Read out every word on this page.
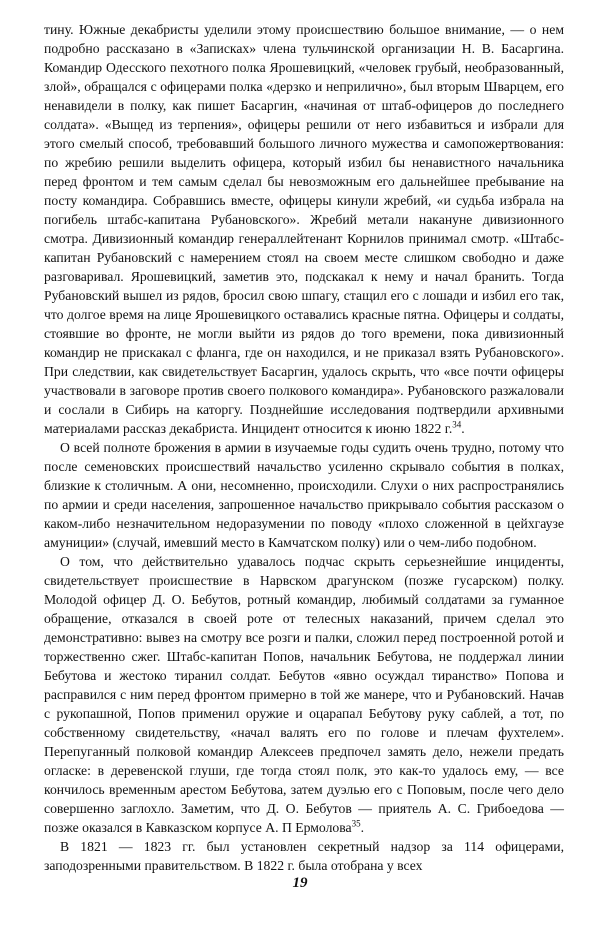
тину. Южные декабристы уделили этому происшествию большое внимание, — о нем подробно рассказано в «Записках» члена тульчинской организации Н. В. Басаргина. Командир Одесского пехотного полка Ярошевицкий, «человек грубый, необразованный, злой», обращался с офицерами полка «дерзко и неприлично», был вторым Шварцем, его ненавидели в полку, как пишет Басаргин, «начиная от штаб-офицеров до последнего солдата». «Выщед из терпения», офицеры решили от него избавиться и избрали для этого смелый способ, требовавший большого личного мужества и самопожертвования: по жребию решили выделить офицера, который избил бы ненавистного начальника перед фронтом и тем самым сделал бы невозможным его дальнейшее пребывание на посту командира. Собравшись вместе, офицеры кинули жребий, «и судьба избрала на погибель штабс-капитана Рубановского». Жребий метали накануне дивизионного смотра. Дивизионный командир генераллейтенант Корнилов принимал смотр. «Штабс-капитан Рубановский с намерением стоял на своем месте слишком свободно и даже разговаривал. Ярошевицкий, заметив это, подскакал к нему и начал бранить. Тогда Рубановский вышел из рядов, бросил свою шпагу, стащил его с лошади и избил его так, что долгое время на лице Ярошевицкого оставались красные пятна. Офицеры и солдаты, стоявшие во фронте, не могли выйти из рядов до того времени, пока дивизионный командир не прискакал с фланга, где он находился, и не приказал взять Рубановского». При следствии, как свидетельствует Басаргин, удалось скрыть, что «все почти офицеры участвовали в заговоре против своего полкового командира». Рубановского разжаловали и сослали в Сибирь на каторгу. Позднейшие исследования подтвердили архивными материалами рассказ декабриста. Инцидент относится к июню 1822 г.$^{34}$.

О всей полноте брожения в армии в изучаемые годы судить очень трудно, потому что после семеновских происшествий начальство усиленно скрывало события в полках, близкие к столичным. А они, несомненно, происходили. Слухи о них распространялись по армии и среди населения, запрошенное начальство прикрывало события рассказом о каком-либо незначительном недоразумении по поводу «плохо сложенной в цейхгаузе амуниции» (случай, имевший место в Камчатском полку) или о чем-либо подобном.

О том, что действительно удавалось подчас скрыть серьезнейшие инциденты, свидетельствует происшествие в Нарвском драгунском (позже гусарском) полку. Молодой офицер Д. О. Бебутов, ротный командир, любимый солдатами за гуманное обращение, отказался в своей роте от телесных наказаний, причем сделал это демонстративно: вывез на смотру все розги и палки, сложил перед построенной ротой и торжественно сжег. Штабс-капитан Попов, начальник Бебутова, не поддержал линии Бебутова и жестоко тиранил солдат. Бебутов «явно осуждал тиранство» Попова и расправился с ним перед фронтом примерно в той же манере, что и Рубановский. Начав с рукопашной, Попов применил оружие и оцарапал Бебутову руку саблей, а тот, по собственному свидетельству, «начал валять его по голове и плечам фухтелем». Перепуганный полковой командир Алексеев предпочел замять дело, нежели предать огласке: в деревенской глуши, где тогда стоял полк, это как-то удалось ему, — все кончилось временным арестом Бебутова, затем дуэлью его с Поповым, после чего дело совершенно заглохло. Заметим, что Д. О. Бебутов — приятель А. С. Грибоедова — позже оказался в Кавказском корпусе А. П Ермолова$^{35}$.

В 1821 — 1823 гг. был установлен секретный надзор за 114 офицерами, заподозренными правительством. В 1822 г. была отобрана у всех

19
